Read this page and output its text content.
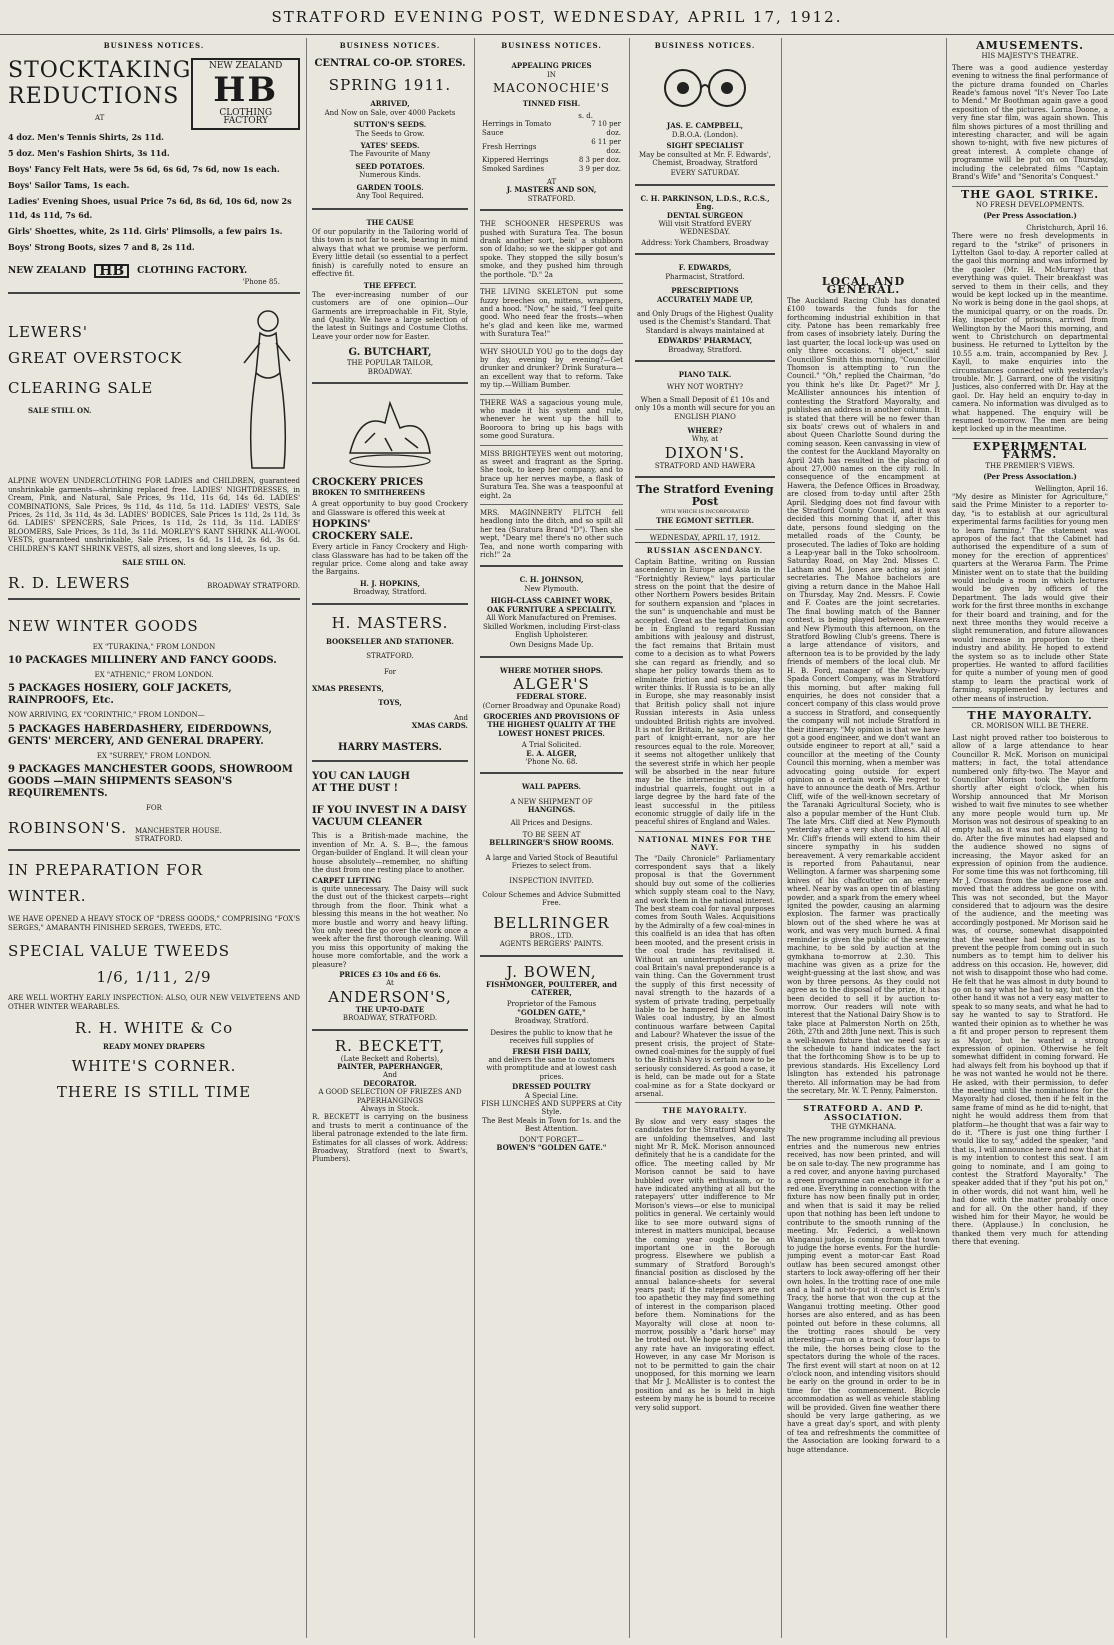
STRATFORD EVENING POST, WEDNESDAY, APRIL 17, 1912.
BUSINESS NOTICES.
STOCKTAKING
REDUCTIONS
AT
NEW ZEALAND
HB
CLOTHING FACTORY

4 doz. Men's Tennis Shirts, 2s 11d.

5 doz. Men's Fashion Shirts, 3s 11d.

Boys' Fancy Felt Hats, were 5s 6d, 6s 6d, 7s 6d, now 1s each.

Boys' Sailor Tams, 1s each.

Ladies' Evening Shoes, usual Price 7s 6d, 8s 6d, 10s 6d, now 2s 11d, 4s 11d, 7s 6d.

Girls' Shoettes, white, 2s 11d. Girls' Plimsolls, a few pairs 1s.

Boys' Strong Boots, sizes 7 and 8, 2s 11d.

NEW ZEALAND HB CLOTHING FACTORY.
'Phone 85.
LEWERS'
GREAT OVERSTOCK
CLEARING SALE
SALE STILL ON.
ALPINE WOVEN UNDERCLOTHING FOR LADIES and CHILDREN, guaranteed unshrinkable garments—shrinking replaced free. LADIES' NIGHTDRESSES, in Cream, Pink, and Natural, Sale Prices, 9s 11d, 11s 6d, 14s 6d. LADIES' COMBINATIONS, Sale Prices, 9s 11d, 4s 11d, 5s 11d. LADIES' VESTS, Sale Prices, 2s 11d, 3s 11d, 4s 3d. LADIES' BODICES, Sale Prices 1s 11d, 2s 11d, 3s 6d. LADIES' SPENCERS, Sale Prices, 1s 11d, 2s 11d, 3s 11d. LADIES' BLOOMERS, Sale Prices, 3s 11d, 3s 11d. MORLEY'S KANT SHRINK ALL-WOOL VESTS, guaranteed unshrinkable, Sale Prices, 1s 6d, 1s 11d, 2s 6d, 3s 6d. CHILDREN'S KANT SHRINK VESTS, all sizes, short and long sleeves, 1s up.
SALE STILL ON.
R. D. LEWERS	BROADWAY STRATFORD.
NEW WINTER GOODS
EX "TURAKINA," FROM LONDON
10 PACKAGES MILLINERY AND FANCY GOODS.
EX "ATHENIC," FROM LONDON.
5 PACKAGES HOSIERY, GOLF JACKETS, RAINPROOFS, Etc.
NOW ARRIVING, EX "CORINTHIC," FROM LONDON—
5 PACKAGES HABERDASHERY, EIDERDOWNS, GENTS' MERCERY, AND GENERAL DRAPERY.
EX "SURREY," FROM LONDON.
9 PACKAGES MANCHESTER GOODS, SHOWROOM GOODS —MAIN SHIPMENTS SEASON'S REQUIREMENTS.
FOR
ROBINSON'S. MANCHESTER HOUSE. STRATFORD.
IN PREPARATION FOR
WINTER.
WE HAVE OPENED A HEAVY STOCK OF "DRESS GOODS," COMPRISING "FOX'S SERGES," AMARANTH FINISHED SERGES, TWEEDS, ETC.
SPECIAL VALUE TWEEDS
1/6, 1/11, 2/9
ARE WELL WORTHY EARLY INSPECTION: ALSO, OUR NEW VELVETEENS AND OTHER WINTER WEARABLES.
R. H. WHITE & Co
READY MONEY DRAPERS
WHITE'S CORNER.
THERE IS STILL TIME
BUSINESS NOTICES.
CENTRAL CO-OP. STORES.
SPRING 1911.
ARRIVED,

And Now on Sale, over 4000 Packets

SUTTON'S SEEDS.

The Seeds to Grow.

YATES' SEEDS.

The Favourite of Many

SEED POTATOES.

Numerous Kinds.

GARDEN TOOLS.

Any Tool Required.

THE CAUSE

Of our popularity in the Tailoring world of this town is not far to seek, bearing in mind always that what we promise we perform. Every little detail (so essential to a perfect finish) is carefully noted to ensure an effective fit.

THE EFFECT.

The ever-increasing number of our customers are of one opinion—Our Garments are irreproachable in Fit, Style, and Quality. We have a large selection of the latest in Suitings and Costume Cloths. Leave your order now for Easter.

G. BUTCHART,
THE POPULAR TAILOR,
BROADWAY.
CROCKERY PRICES
BROKEN TO SMITHEREENS

A great opportunity to buy good Crockery and Glassware is offered this week at

HOPKINS'
CROCKERY SALE.

Every article in Fancy Crockery and High-class Glassware has had to be taken off the regular price. Come along and take away the Bargains.

H. J. HOPKINS,
Broadway, Stratford.
H. MASTERS.
BOOKSELLER AND STATIONER.
STRATFORD.
For
XMAS PRESENTS,
TOYS,
And
XMAS CARDS.
HARRY MASTERS.
YOU CAN LAUGH
AT THE DUST !
IF YOU INVEST IN A DAISY VACUUM CLEANER

This is a British-made machine, the invention of Mr. A. S. B—, the famous Organ-builder of England. It will clean your house absolutely—remember, no shifting the dust from one resting place to another.

CARPET LIFTING

is quite unnecessary. The Daisy will suck the dust out of the thickest carpets—right through from the floor. Think what a blessing this means in the hot weather. No more bustle and worry and heavy lifting. You only need the go over the work once a week after the first thorough cleaning. Will you miss this opportunity of making the house more comfortable, and the work a pleasure?

PRICES £3 10s and £6 6s.
At
ANDERSON'S,
THE UP-TO-DATE
BROADWAY, STRATFORD.
R. BECKETT,
(Late Beckett and Roberts),
PAINTER, PAPERHANGER,
And
DECORATOR.
A GOOD SELECTION OF FRIEZES AND PAPERHANGINGS
Always in Stock.

R. BECKETT is carrying on the business and trusts to merit a continuance of the liberal patronage extended to the late firm. Estimates for all classes of work. Address: Broadway, Stratford (next to Swart's, Plumbers).

BUSINESS NOTICES.
APPEALING PRICES
IN
MACONOCHIE'S
TINNED FISH.
s. d.
Herrings in Tomato Sauce	7 10 per doz.
Fresh Herrings	6 11 per doz.
Kippered Herrings	8 3 per doz.
Smoked Sardines	3 9 per doz.
AT
J. MASTERS AND SON,
STRATFORD.

THE SCHOONER HESPERUS was pushed with Suratura Tea. The bosun drank another sort, bein' a stubborn son of Idaho; so we the skipper got and spoke. They stopped the silly bosun's smoke, and they pushed him through the porthole. "D." 2a

THE LIVING SKELETON put some fuzzy breeches on, mittens, wrappers, and a hood. "Now," he said, "I feel quite good. Who need fear the frosts—when he's glad and keen like me, warmed with Suratura Tea!"

WHY SHOULD YOU go to the dogs day by day, evening by evening?—Get drunker and drunker? Drink Suratura—an excellent way that to reform. Take my tip.—William Bumber.

THERE WAS a sagacious young mule, who made it his system and rule, whenever he went up the hill to Booroora to bring up his bags with some good Suratura.

MISS BRIGHTEYES went out motoring, as sweet and fragrant as the Spring. She took, to keep her company, and to brace up her nerves maybe, a flask of Suratura Tea. She was a teaspoonful at eight. 2a

MRS. MAGINNERTY FLITCH fell headlong into the ditch, and so spilt all her tea (Suratura Brand "D"). Then she wept, "Deary me! there's no other such Tea, and none worth comparing with rich!" 2a

C. H. JOHNSON,
New Plymouth.
HIGH-CLASS CABINET WORK,
OAK FURNITURE A SPECIALITY.

All Work Manufactured on Premises. Skilled Workmen, including First-class English Upholsterer.

Own Designs Made Up.
WHERE MOTHER SHOPS.
ALGER'S
FEDERAL STORE.
(Corner Broadway and Opunake Road)
GROCERIES AND PROVISIONS OF THE HIGHEST QUALITY AT THE LOWEST HONEST PRICES.
A Trial Solicited.
E. A. ALGER,
'Phone No. 68.
WALL PAPERS.
A NEW SHIPMENT OF
HANGINGS.
All Prices and Designs.
TO BE SEEN AT
BELLRINGER'S SHOW ROOMS.

A large and Varied Stock of Beautiful Friezes to select from.

INSPECTION INVITED.
Colour Schemes and Advice Submitted Free.
BELLRINGER
BROS., LTD.
AGENTS BERGERS' PAINTS.
J. BOWEN,
FISHMONGER, POULTERER, and CATERER,
Proprietor of the Famous
"GOLDEN GATE,"
Broadway, Stratford.

Desires the public to know that he receives full supplies of

FRESH FISH DAILY,

and delivers the same to customers with promptitude and at lowest cash prices.

DRESSED POULTRY
A Special Line.
FISH LUNCHES AND SUPPERS at City Style.

The Best Meals in Town for 1s. and the Best Attention.

DON'T FORGET—
BOWEN'S "GOLDEN GATE."
BUSINESS NOTICES.
JAS. E. CAMPBELL,
D.B.O.A. (London).
SIGHT SPECIALIST

May be consulted at Mr. F. Edwards', Chemist, Broadway, Stratford

EVERY SATURDAY.
C. H. PARKINSON, L.D.S., R.C.S., Eng.
DENTAL SURGEON

Will visit Stratford EVERY WEDNESDAY.

Address: York Chambers, Broadway
F. EDWARDS,
Pharmacist, Stratford.
PRESCRIPTIONS
ACCURATELY MADE UP,

and Only Drugs of the Highest Quality used is the Chemist's Standard. That Standard is always maintained at

EDWARDS' PHARMACY,
Broadway, Stratford.
PIANO TALK.
WHY NOT WORTHY?

When a Small Deposit of £1 10s and only 10s a month will secure for you an ENGLISH PIANO

WHERE?
Why, at
DIXON'S.
STRATFORD AND HAWERA
The Stratford Evening Post
WITH WHICH IS INCORPORATED
THE EGMONT SETTLER.
WEDNESDAY, APRIL 17, 1912.
RUSSIAN ASCENDANCY.

Captain Battine, writing on Russian ascendency in Europe and Asia in the "Fortnightly Review," lays particular stress on the point that the desire of other Northern Powers besides Britain for southern expansion and "places in the sun" is unquenchable and must be accepted. Great as the temptation may be in England to regard Russian ambitions with jealousy and distrust, the fact remains that Britain must come to a decision as to what Powers she can regard as friendly, and so shape her policy towards them as to eliminate friction and suspicion, the writer thinks. If Russia is to be an ally in Europe, she may reasonably insist that British policy shall not injure Russian interests in Asia unless undoubted British rights are involved. It is not for Britain, he says, to play the part of knight-errant, nor are her resources equal to the role. Moreover, it seems not altogether unlikely that the severest strife in which her people will be absorbed in the near future may be the internecine struggle of industrial quarrels, fought out in a large degree by the hard fate of the least successful in the pitiless economic struggle of daily life in the peaceful shires of England and Wales.

NATIONAL MINES FOR THE NAVY.

The "Daily Chronicle" Parliamentary correspondent says that a likely proposal is that the Government should buy out some of the collieries which supply steam coal to the Navy, and work them in the national interest. The best steam coal for naval purposes comes from South Wales. Acquisitions by the Admiralty of a few coal-mines in this coalfield is an idea that has often been mooted, and the present crisis in the coal trade has revitalised it. Without an uninterrupted supply of coal Britain's naval preponderance is a vain thing. Can the Government trust the supply of this first necessity of naval strength to the hazards of a system of private trading, perpetually liable to be hampered like the South Wales coal industry, by an almost continuous warfare between Capital and Labour? Whatever the issue of the present crisis, the project of State-owned coal-mines for the supply of fuel to the British Navy is certain now to be seriously considered. As good a case, it is held, can be made out for a State coal-mine as for a State dockyard or arsenal.

THE MAYORALTY.

By slow and very easy stages the candidates for the Stratford Mayoralty are unfolding themselves, and last night Mr R. McK. Morison announced definitely that he is a candidate for the office. The meeting called by Mr Morison cannot be said to have bubbled over with enthusiasm, or to have indicated anything at all but the ratepayers' utter indifference to Mr Morison's views—or else to municipal politics in general. We certainly would like to see more outward signs of interest in matters municipal, because the coming year ought to be an important one in the Borough progress. Elsewhere we publish a summary of Stratford Borough's financial position as disclosed by the annual balance-sheets for several years past; if the ratepayers are not too apathetic they may find something of interest in the comparison placed before them. Nominations for the Mayoralty will close at noon to-morrow, possibly a "dark horse" may be trotted out. We hope so: it would at any rate have an invigorating effect. However, in any case Mr Morison is not to be permitted to gain the chair unopposed, for this morning we learn that Mr J. McAllister is to contest the position and as he is held in high esteem by many he is bound to receive very solid support.

LOCAL AND GENERAL.

The Auckland Racing Club has donated £100 towards the funds for the forthcoming industrial exhibition in that city. Patone has been remarkably free from cases of insobriety lately. During the last quarter, the local lock-up was used on only three occasions. "I object," said Councillor Smith this morning, "Councillor Thomson is attempting to run the Council." "Oh," replied the Chairman, "do you think he's like Dr. Paget?" Mr J. McAllister announces his intention of contesting the Stratford Mayoralty, and publishes an address in another column. It is stated that there will be no fewer than six boats' crews out of whalers in and about Queen Charlotte Sound during the coming season. Keen canvassing in view of the contest for the Auckland Mayoralty on April 24th has resulted in the placing of about 27,000 names on the city roll. In consequence of the encampment at Hawera, the Defence Offices in Broadway, are closed from to-day until after 25th April. Sledging does not find favour with the Stratford County Council, and it was decided this morning that if, after this date, persons found sledging on the metalled roads of the County, be prosecuted. The ladies of Toko are holding a Leap-year ball in the Toko schoolroom. Saturday Road, on May 2nd. Misses C. Latham and M. Jones are acting as joint secretaries. The Mahoe bachelors are giving a return dance in the Mahoe Hall on Thursday, May 2nd. Messrs. F. Cowie and F. Coates are the joint secretaries. The final bowling match of the Banner contest, is being played between Hawera and New Plymouth this afternoon, on the Stratford Bowling Club's greens. There is a large attendance of visitors, and afternoon tea is to be provided by the lady friends of members of the local club. Mr H. B. Ford, manager of the Newbury-Spada Concert Company, was in Stratford this morning, but after making full enquiries, he does not consider that a concert company of this class would prove a success in Stratford, and consequently the company will not include Stratford in their itinerary. "My opinion is that we have got a good engineer, and we don't want an outside engineer to report at all," said a councillor at the meeting of the County Council this morning, when a member was advocating going outside for expert opinion on a certain work. We regret to have to announce the death of Mrs. Arthur Cliff, wife of the well-known secretary of the Taranaki Agricultural Society, who is also a popular member of the Hunt Club. The late Mrs. Cliff died at New Plymouth yesterday after a very short illness. All of Mr. Cliff's friends will extend to him their sincere sympathy in his sudden bereavement. A very remarkable accident is reported from Pahautanui, near Wellington. A farmer was sharpening some knives of his chaffcutter on an emery wheel. Near by was an open tin of blasting powder, and a spark from the emery wheel ignited the powder, causing an alarming explosion. The farmer was practically blown out of the shed where he was at work, and was very much burned. A final reminder is given the public of the sewing machine, to be sold by auction at the gymkhana to-morrow at 2.30. This machine was given as a prize for the weight-guessing at the last show, and was won by three persons. As they could not agree as to the disposal of the prize, it has been decided to sell it by auction to-morrow. Our readers will note with interest that the National Dairy Show is to take place at Palmerston North on 25th, 26th, 27th and 28th June next. This is such a well-known fixture that we need say is the schedule to hand indicates the fact that the forthcoming Show is to be up to previous standards. His Excellency Lord Islington has extended his patronage thereto. All information may be had from the secretary, Mr. W. T. Penny, Palmerston.

STRATFORD A. AND P. ASSOCIATION.
THE GYMKHANA.

The new programme including all previous entries and the numerous new entries received, has now been printed, and will be on sale to-day. The new programme has a red cover, and anyone having purchased a green programme can exchange it for a red one. Everything in connection with the fixture has now been finally put in order, and when that is said it may be relied upon that nothing has been left undone to contribute to the smooth running of the meeting. Mr. Federici, a well-known Wanganui judge, is coming from that town to judge the horse events. For the hurdle-jumping event a motor-car East Road outlaw has been secured amongst other starters to lock away-offering off her their own holes. In the trotting race of one mile and a half a not-to-put it correct is Erin's Tracy, the horse that won the cup at the Wanganui trotting meeting. Other good horses are also entered, and as has been pointed out before in these columns, all the trotting races should be very interesting—run on a track of four laps to the mile, the horses being close to the spectators during the whole of the races. The first event will start at noon on at 12 o'clock noon, and intending visitors should be early on the ground in order to be in time for the commencement. Bicycle accommodation as well as vehicle stabling will be provided. Given fine weather there should be very large gathering, as we have a great day's sport, and with plenty of tea and refreshments the committee of the Association are looking forward to a huge attendance.

AMUSEMENTS.
HIS MAJESTY'S THEATRE.

There was a good audience yesterday evening to witness the final performance of the picture drama founded on Charles Reade's famous novel "It's Never Too Late to Mend." Mr Boothman again gave a good exposition of the pictures. Lorna Doone, a very fine star film, was again shown. This film shows pictures of a most thrilling and interesting character, and will be again shown to-night, with five new pictures of great interest. A complete change of programme will be put on on Thursday, including the celebrated films "Captain Brand's Wife" and "Senorita's Conquest."

THE GAOL STRIKE.
NO FRESH DEVELOPMENTS.
(Per Press Association.)
Christchurch, April 16.

There were no fresh developments in regard to the "strike" of prisoners in Lyttelton Gaol to-day. A reporter called at the gaol this morning and was informed by the gaoler (Mr. H. McMurray) that everything was quiet. Their breakfast was served to them in their cells, and they would be kept locked up in the meantime. No work is being done in the gaol shops, at the municipal quarry, or on the roads. Dr. Hay, inspector of prisons, arrived from Wellington by the Maori this morning, and went to Christchurch on departmental business. He returned to Lyttelton by the 10.55 a.m. train, accompanied by Rev. J. Kayll, to make enquiries into the circumstances connected with yesterday's trouble. Mr. J. Garrard, one of the visiting Justices, also conferred with Dr. Hay at the gaol. Dr. Hay held an enquiry to-day in camera. No information was divulged as to what happened. The enquiry will be resumed to-morrow. The men are being kept locked up in the meantime.

EXPERIMENTAL FARMS.
THE PREMIER'S VIEWS.
(Per Press Association.)
Wellington, April 16.

"My desire as Minister for Agriculture," said the Prime Minister to a reporter to-day, "is to establish at our agricultural experimental farms facilities for young men to learn farming." The statement was apropos of the fact that the Cabinet had authorised the expenditure of a sum of money for the erection of apprentices' quarters at the Weraroa Farm. The Prime Minister went on to state that the building would include a room in which lectures would be given by officers of the Department. The lads would give their work for the first three months in exchange for their board and training, and for the next three months they would receive a slight remuneration, and future allowances would increase in proportion to their industry and ability. He hoped to extend the system so as to include other State properties. He wanted to afford facilities for quite a number of young men of good stamp to learn the practical work of farming, supplemented by lectures and other means of instruction.

THE MAYORALTY.
CR. MORISON WILL BE THERE.

Last night proved rather too boisterous to allow of a large attendance to hear Councillor R. McK. Morison on municipal matters; in fact, the total attendance numbered only fifty-two. The Mayor and Councillor Morison took the platform shortly after eight o'clock, when his Worship announced that Mr Morison wished to wait five minutes to see whether any more people would turn up. Mr Morison was not desirous of speaking to an empty hall, as it was not an easy thing to do. After the five minutes had elapsed and the audience showed no signs of increasing, the Mayor asked for an expression of opinion from the audience. For some time this was not forthcoming, till Mr J. Crossan from the audience rose and moved that the address be gone on with. This was not seconded, but the Mayor considered that to adjourn was the desire of the audience, and the meeting was accordingly postponed. Mr Morison said he was, of course, somewhat disappointed that the weather had been such as to prevent the people from coming out in such numbers as to tempt him to deliver his address on this occasion. He, however, did not wish to disappoint those who had come. He felt that he was almost in duty bound to go on to say what he had to say, but on the other hand it was not a very easy matter to speak to so many seats, and what he had to say he wanted to say to Stratford. He wanted their opinion as to whether he was a fit and proper person to represent them as Mayor, but he wanted a strong expression of opinion. Otherwise he felt somewhat diffident in coming forward. He had always felt from his boyhood up that if he was not wanted he would not be there. He asked, with their permission, to defer the meeting until the nominations for the Mayoralty had closed, then if he felt in the same frame of mind as he did to-night, that night he would address them from that platform—he thought that was a fair way to do it. "There is just one thing further I would like to say," added the speaker, "and that is, I will announce here and now that it is my intention to contest this seat. I am going to nominate, and I am going to contest the Stratford Mayoralty." The speaker added that if they "put his pot on," in other words, did not want him, well he had done with the matter probably once and for all. On the other hand, if they wished him for their Mayor, he would be there. (Applause.) In conclusion, he thanked them very much for attending there that evening.
